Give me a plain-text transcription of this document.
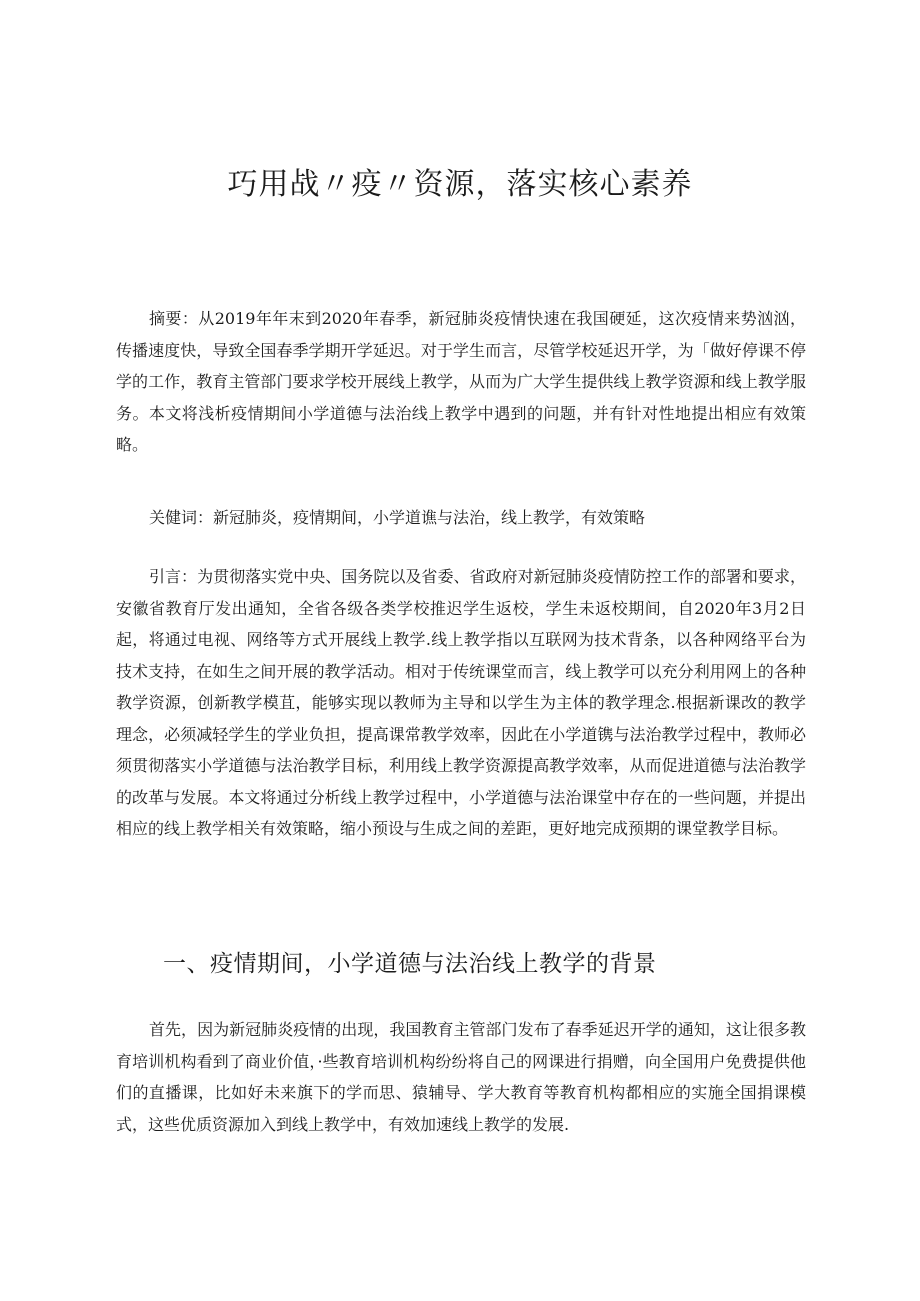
巧用战〃疫〃资源，落实核心素养

摘要：从2019年年末到2020年春季，新冠肺炎疫情快速在我国硬延，这次疫情来势汹汹，传播速度快，导致全国春季学期开学延迟。对于学生而言，尽管学校延迟开学，为「做好停课不停学的工作，教育主管部门要求学校开展线上教学，从而为广大学生提供线上教学资源和线上教学服务。本文将浅析疫情期间小学道德与法治线上教学中遇到的问题，并有针对性地提出相应有效策略。

关健词：新冠肺炎，疫情期间，小学道谯与法治，线上教学，有效策略

引言：为贯彻落实党中央、国务院以及省委、省政府对新冠肺炎疫情防控工作的部署和要求，安徽省教育厅发出通知，全省各级各类学校推迟学生返校，学生未返校期间，自2020年3月2日起，将通过电视、网络等方式开展线上教学.线上教学指以互联网为技术背条，以各种网络平台为技术支持，在如生之间开展的教学活动。相对于传统课堂而言，线上教学可以充分利用网上的各种教学资源，创新教学模苴，能够实现以教师为主导和以学生为主体的教学理念.根据新课改的教学理念，必须减轻学生的学业负担，提高课常教学效率，因此在小学道镌与法治教学过程中，教师必须贯彻落实小学道德与法治教学目标，利用线上教学资源提高教学效率，从而促进道德与法治教学的改革与发展。本文将通过分析线上教学过程中，小学道德与法治课堂中存在的一些问题，并提出相应的线上教学相关有效策略，缩小预设与生成之间的差距，更好地完成预期的课堂教学目标。

一、疫情期间，小学道德与法治线上教学的背景

首先，因为新冠肺炎疫情的出现，我国教育主管部门发布了春季延迟开学的通知，这让很多教育培训机构看到了商业价值，·些教育培训机构纷纷将自己的网课进行捐赠，向全国用户免费提供他们的直播课，比如好未来旗下的学而思、猿辅导、学大教育等教育机构都相应的实施全国捐课模式，这些优质资源加入到线上教学中，有效加速线上教学的发展.
